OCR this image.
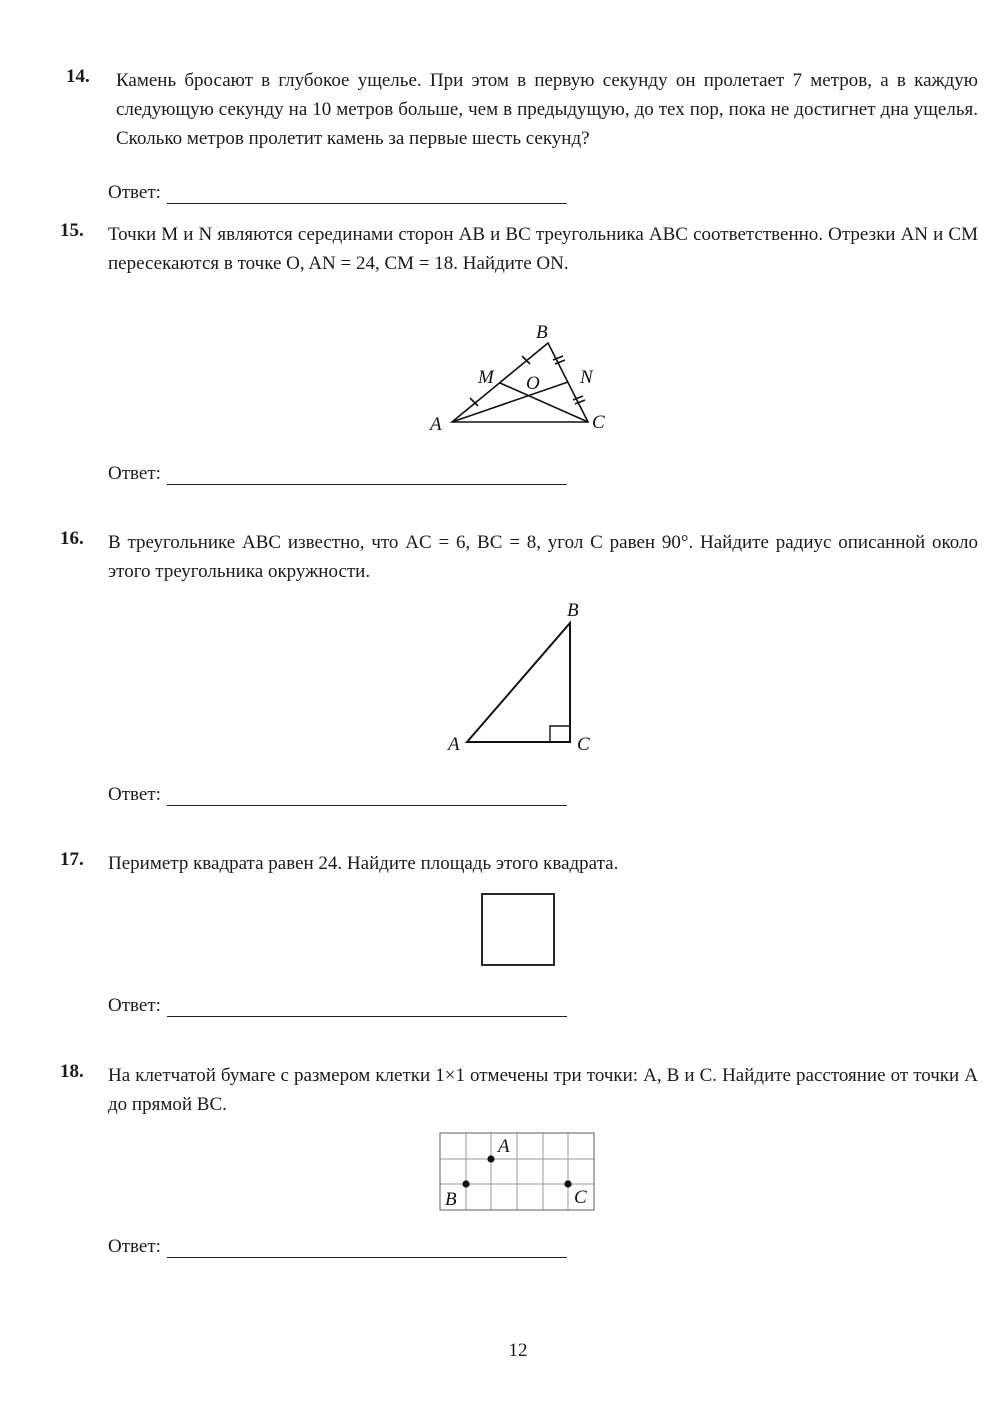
14. Камень бросают в глубокое ущелье. При этом в первую секунду он пролетает 7 метров, а в каждую следующую секунду на 10 метров больше, чем в предыдущую, до тех пор, пока не достигнет дна ущелья. Сколько метров пролетит камень за первые шесть секунд?
Ответ:
15. Точки M и N являются серединами сторон AB и BC треугольника ABC соответственно. Отрезки AN и CM пересекаются в точке O, AN = 24, CM = 18. Найдите ON.
A
B
C
M	N
O
Ответ:
16. В треугольнике ABC известно, что AC = 6, BC = 8, угол C равен 90°. Найдите радиус описанной около этого треугольника окружности.
A
B
C
Ответ:
17. Периметр квадрата равен 24. Найдите площадь этого квадрата.
Ответ:
18. На клетчатой бумаге с размером клетки 1×1 отмечены три точки: A, B и C. Найдите расстояние от точки A до прямой BC.
A
B	C
Ответ:
12
